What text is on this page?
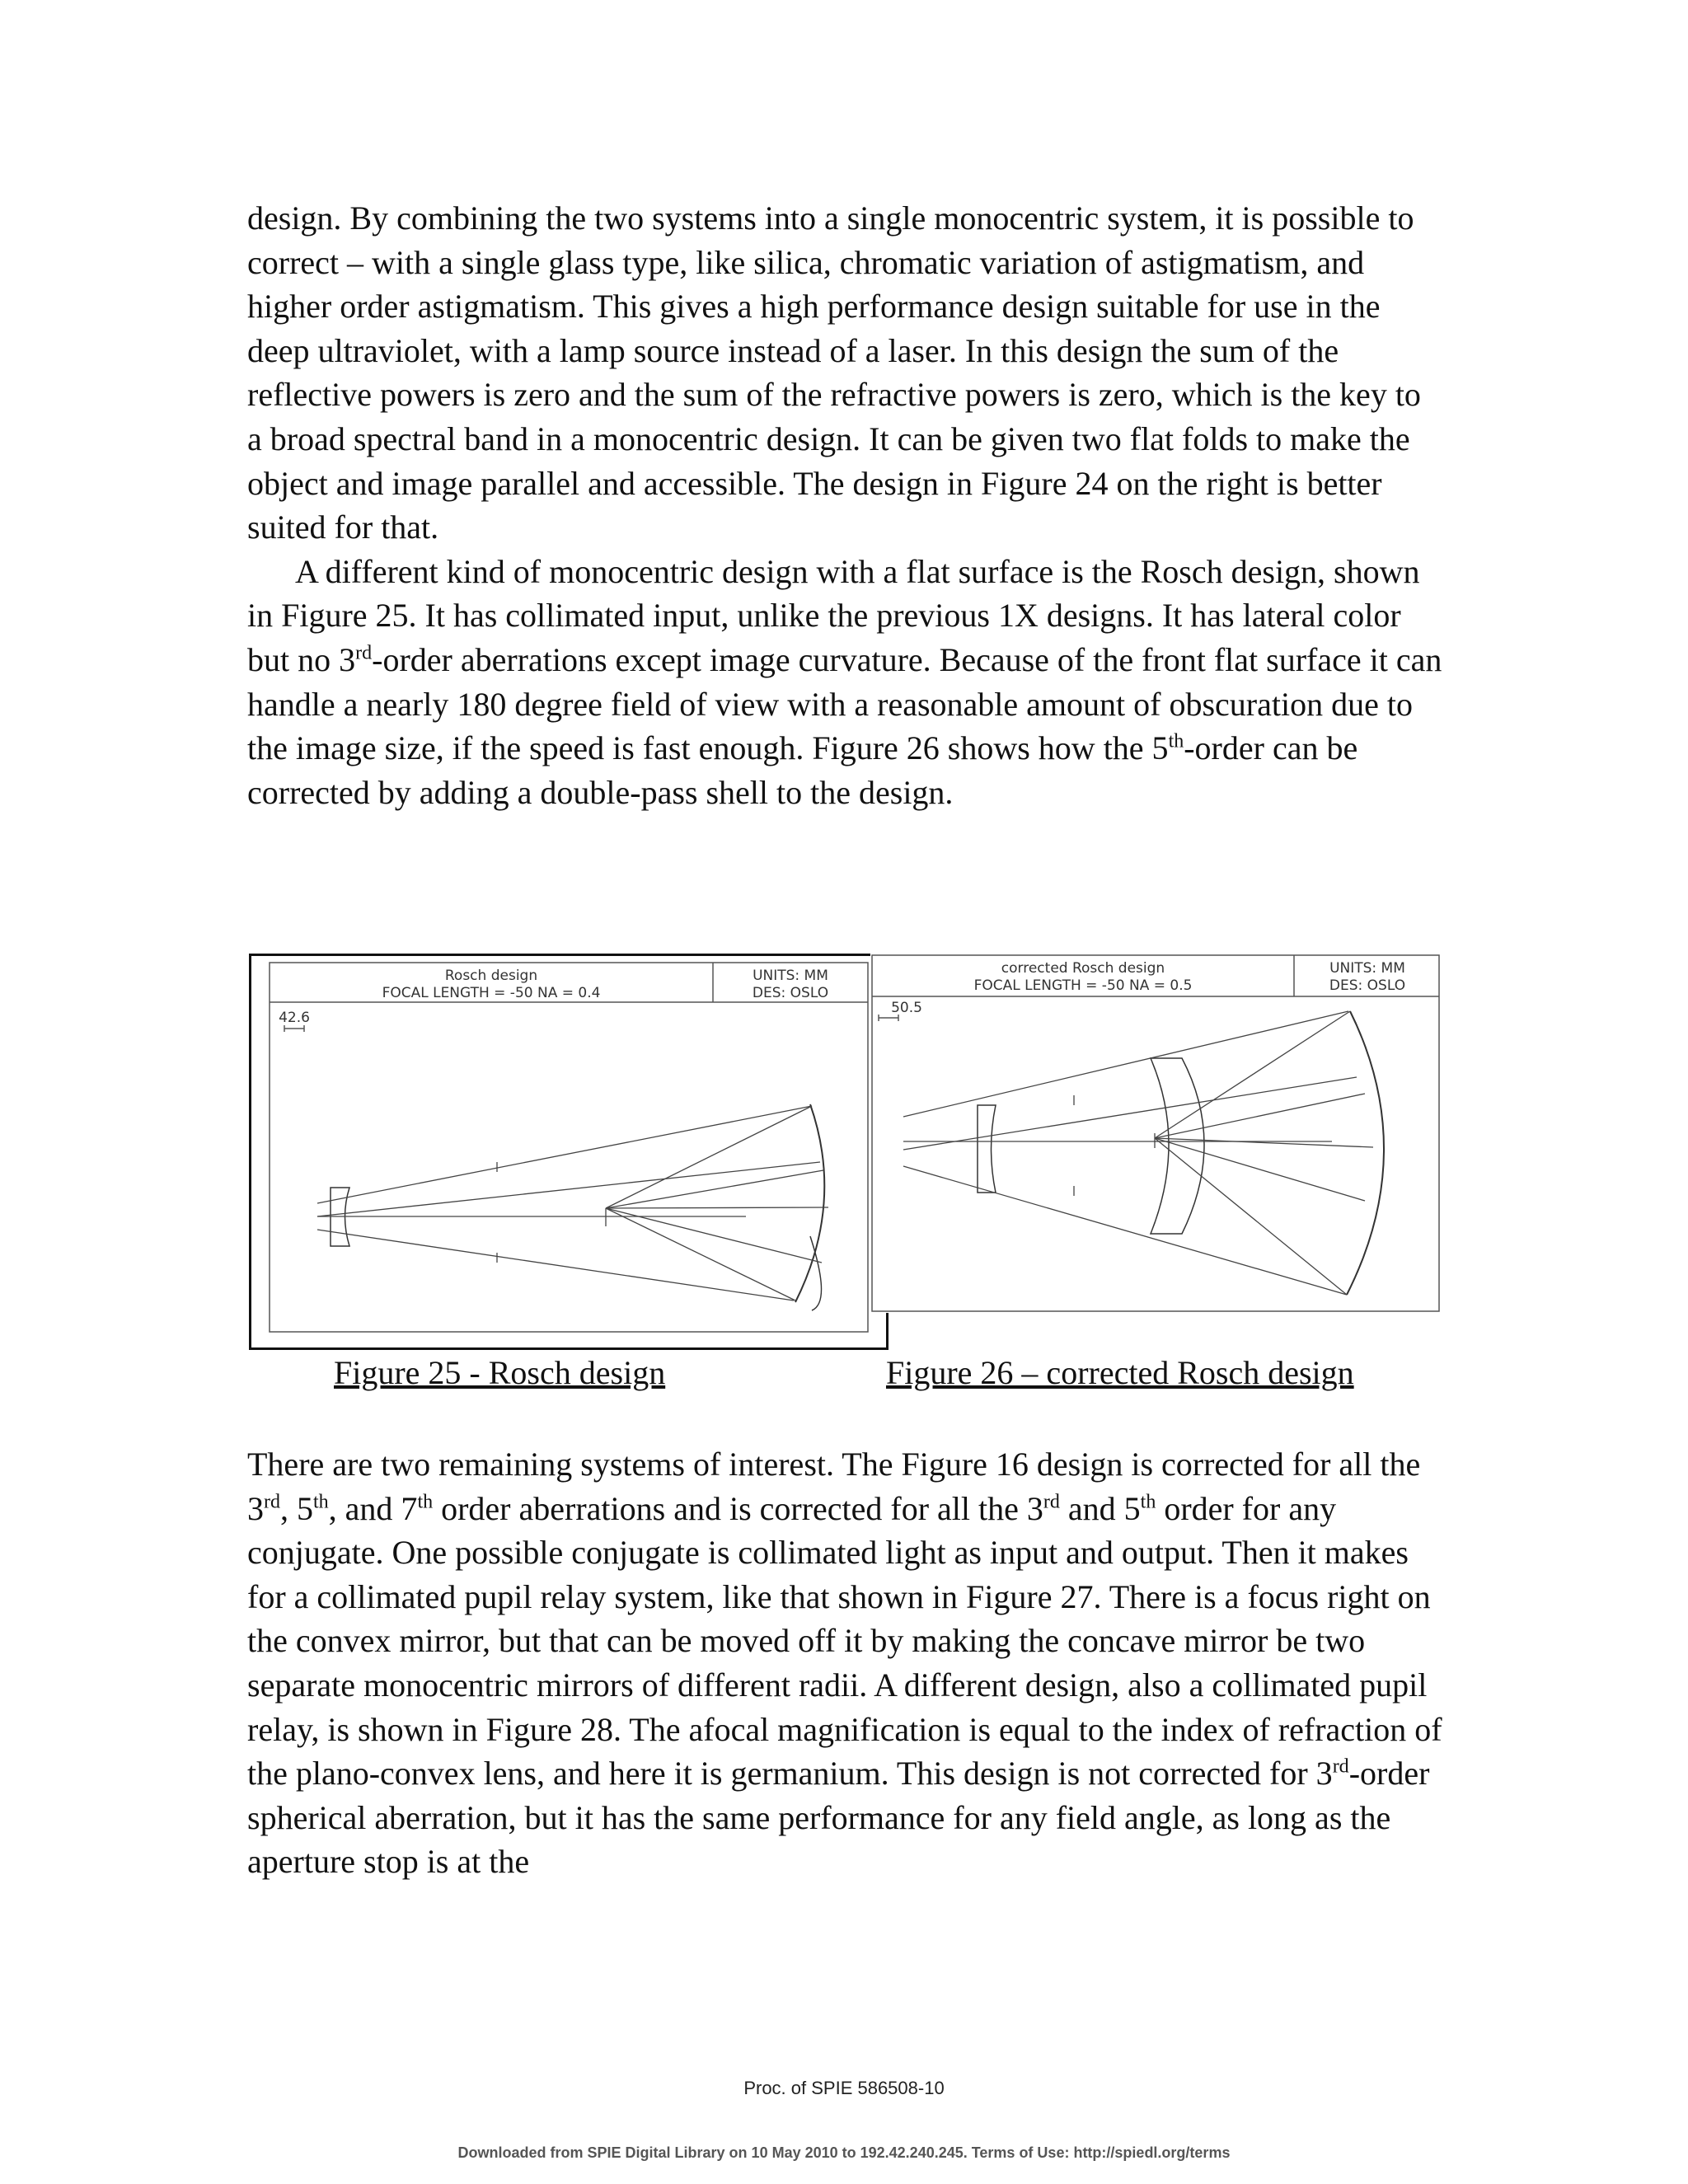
design. By combining the two systems into a single monocentric system, it is possible to correct – with a single glass type, like silica, chromatic variation of astigmatism, and higher order astigmatism. This gives a high performance design suitable for use in the deep ultraviolet, with a lamp source instead of a laser. In this design the sum of the reflective powers is zero and the sum of the refractive powers is zero, which is the key to a broad spectral band in a monocentric design. It can be given two flat folds to make the object and image parallel and accessible. The design in Figure 24 on the right is better suited for that.

A different kind of monocentric design with a flat surface is the Rosch design, shown in Figure 25. It has collimated input, unlike the previous 1X designs. It has lateral color but no 3rd-order aberrations except image curvature. Because of the front flat surface it can handle a nearly 180 degree field of view with a reasonable amount of obscuration due to the image size, if the speed is fast enough. Figure 26 shows how the 5th-order can be corrected by adding a double-pass shell to the design.

Rosch design
FOCAL LENGTH = -50 NA = 0.4
UNITS: MM
DES: OSLO
42.6
corrected Rosch design
FOCAL LENGTH = -50 NA = 0.5
UNITS: MM
DES: OSLO
50.5
Figure 25 - Rosch design	Figure 26 – corrected Rosch design

There are two remaining systems of interest. The Figure 16 design is corrected for all the 3rd, 5th, and 7th order aberrations and is corrected for all the 3rd and 5th order for any conjugate. One possible conjugate is collimated light as input and output. Then it makes for a collimated pupil relay system, like that shown in Figure 27. There is a focus right on the convex mirror, but that can be moved off it by making the concave mirror be two separate monocentric mirrors of different radii. A different design, also a collimated pupil relay, is shown in Figure 28. The afocal magnification is equal to the index of refraction of the plano-convex lens, and here it is germanium. This design is not corrected for 3rd-order spherical aberration, but it has the same performance for any field angle, as long as the aperture stop is at the

Proc. of SPIE 586508-10
Downloaded from SPIE Digital Library on 10 May 2010 to 192.42.240.245. Terms of Use: http://spiedl.org/terms
